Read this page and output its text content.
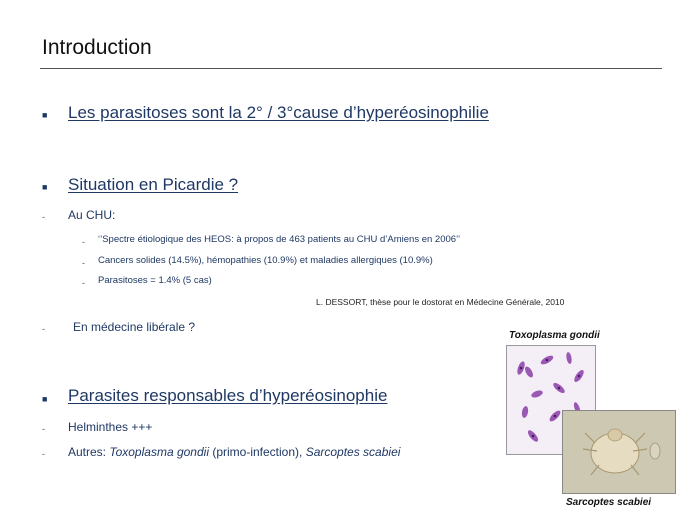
Introduction
■ Les parasitoses sont la 2° / 3°cause d’hyperéosinophilie
■ Situation en Picardie ?
- Au CHU:
- ‘’Spectre étiologique des HEOS: à propos de 463 patients au CHU d’Amiens en 2006’’
- Cancers solides (14.5%), hémopathies (10.9%) et maladies allergiques (10.9%)
- Parasitoses = 1.4% (5 cas)
L. DESSORT, thèse pour le dostorat en Médecine Générale, 2010
- En médecine libérale ?
■ Parasites responsables d’hyperéosinophie
- Helminthes +++
- Autres: Toxoplasma gondii (primo-infection), Sarcoptes scabiei
Toxoplasma gondii
Sarcoptes scabiei
